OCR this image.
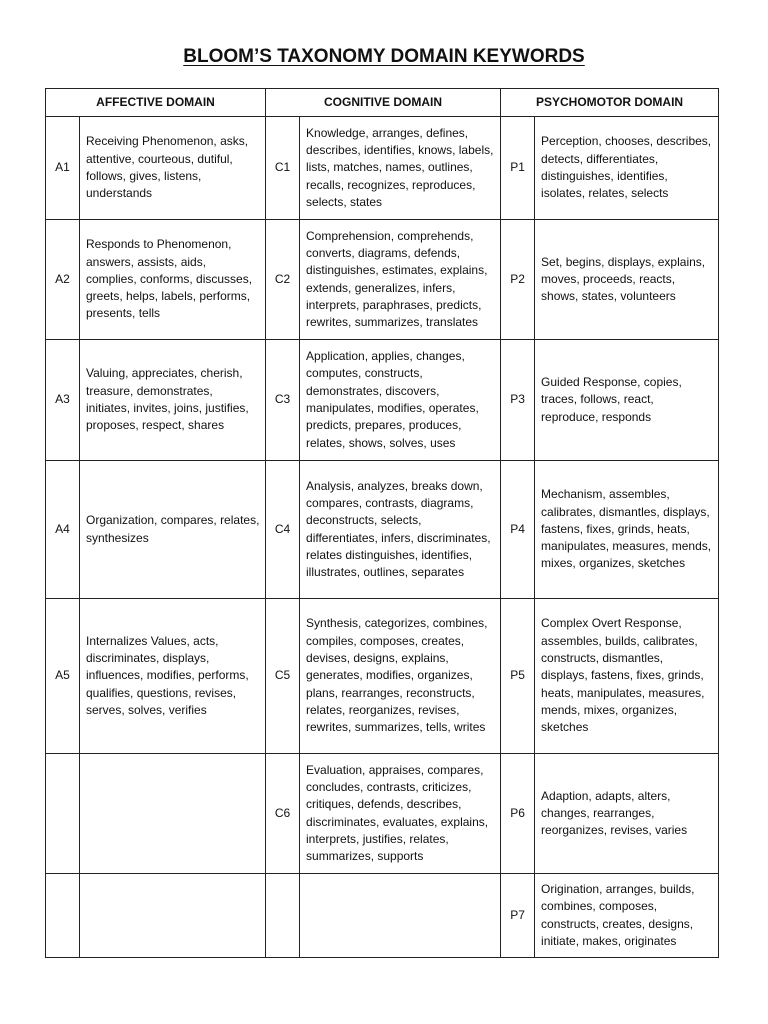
BLOOM’S TAXONOMY DOMAIN KEYWORDS
AFFECTIVE DOMAIN		COGNITIVE DOMAIN		PSYCHOMOTOR DOMAIN	
A1	Receiving Phenomenon, asks, attentive, courteous, dutiful, follows, gives, listens, understands	C1	Knowledge, arranges, defines, describes, identifies, knows, labels, lists, matches, names, outlines, recalls, recognizes, reproduces, selects, states	P1	Perception, chooses, describes, detects, differentiates, distinguishes, identifies, isolates, relates, selects
A2	Responds to Phenomenon, answers, assists, aids, complies, conforms, discusses, greets, helps, labels, performs, presents, tells	C2	Comprehension, comprehends, converts, diagrams, defends, distinguishes, estimates, explains, extends, generalizes, infers, interprets, paraphrases, predicts, rewrites, summarizes, translates	P2	Set, begins, displays, explains, moves, proceeds, reacts, shows, states, volunteers
A3	Valuing, appreciates, cherish, treasure, demonstrates, initiates, invites, joins, justifies, proposes, respect, shares	C3	Application, applies, changes, computes, constructs, demonstrates, discovers, manipulates, modifies, operates, predicts, prepares, produces, relates, shows, solves, uses	P3	Guided Response, copies, traces, follows, react, reproduce, responds
A4	Organization, compares, relates, synthesizes	C4	Analysis, analyzes, breaks down, compares, contrasts, diagrams, deconstructs, selects, differentiates, infers, discriminates, relates distinguishes, identifies, illustrates, outlines, separates	P4	Mechanism, assembles, calibrates, dismantles, displays, fastens, fixes, grinds, heats, manipulates, measures, mends, mixes, organizes, sketches
A5	Internalizes Values, acts, discriminates, displays, influences, modifies, performs, qualifies, questions, revises, serves, solves, verifies	C5	Synthesis, categorizes, combines, compiles, composes, creates, devises, designs, explains, generates, modifies, organizes, plans, rearranges, reconstructs, relates, reorganizes, revises, rewrites, summarizes, tells, writes	P5	Complex Overt Response, assembles, builds, calibrates, constructs, dismantles, displays, fastens, fixes, grinds, heats, manipulates, measures, mends, mixes, organizes, sketches
		C6	Evaluation, appraises, compares, concludes, contrasts, criticizes, critiques, defends, describes, discriminates, evaluates, explains, interprets, justifies, relates, summarizes, supports	P6	Adaption, adapts, alters, changes, rearranges, reorganizes, revises, varies
				P7	Origination, arranges, builds, combines, composes, constructs, creates, designs, initiate, makes, originates
